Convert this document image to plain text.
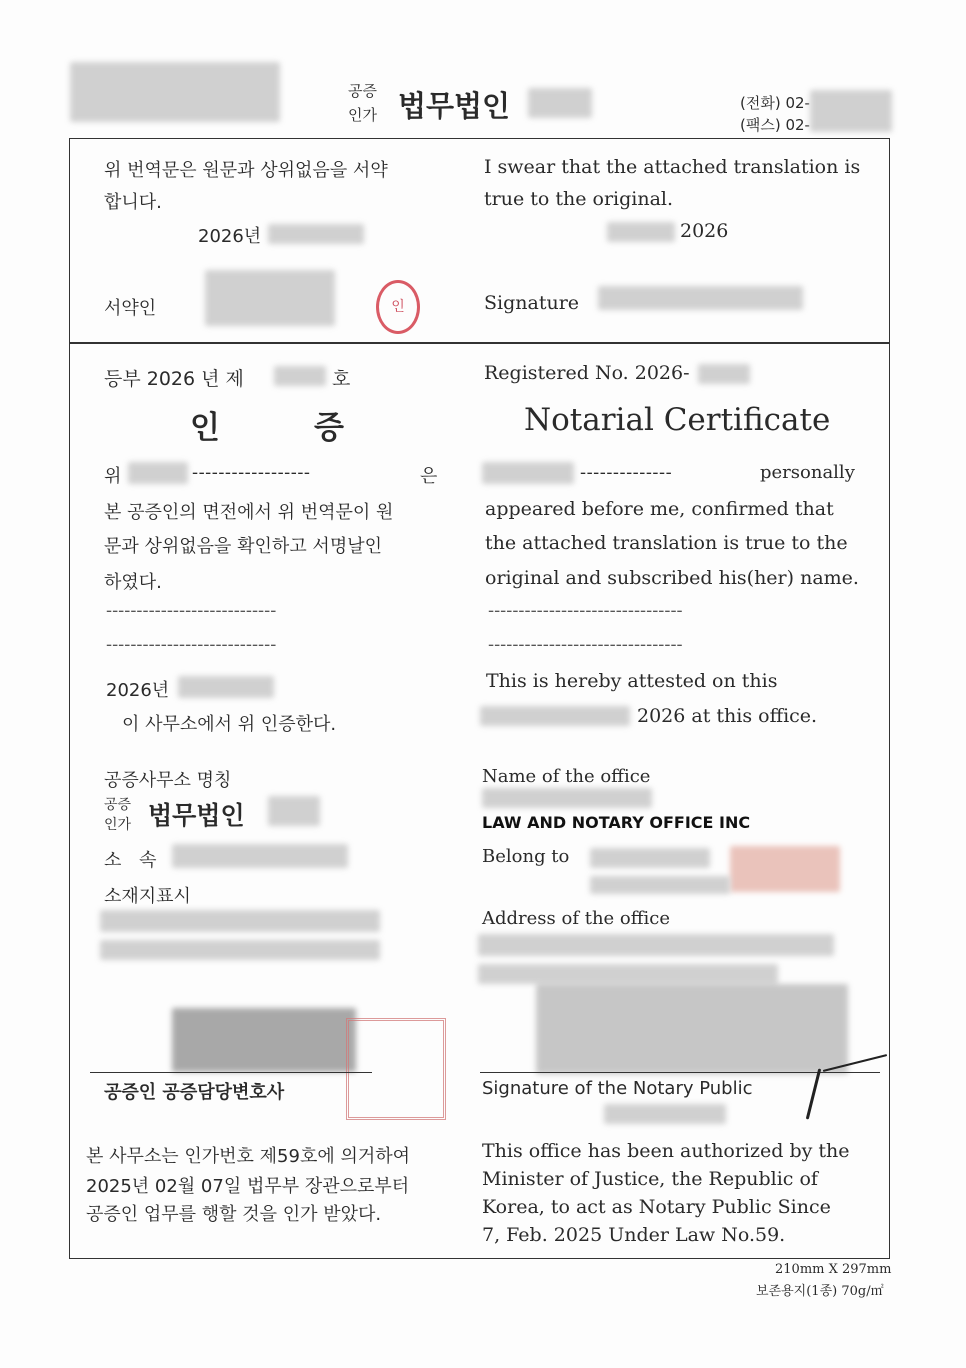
공증
인가 법무법인	(전화) 02-
(팩스) 02-
위 번역문은 원문과 상위없음을 서약
합니다.
2026년
I swear that the attached translation is
true to the original.
2026
서약인	인	Signature
등부 2026 년 제	호	Registered No. 2026-
인	증	Notarial Certificate
위	------------------	은
본 공증인의 면전에서 위 번역문이 원
문과 상위없음을 확인하고 서명날인
하였다.
----------------------------
----------------------------
--------------	personally
appeared before me, confirmed that
the attached translation is true to the
original and subscribed his(her) name.
--------------------------------
--------------------------------
2026년
이 사무소에서 위 인증한다.
This is hereby attested on this
2026 at this office.
공증사무소 명칭
공증
인가 법무법인
소 속
소재지표시
Name of the office
LAW AND NOTARY OFFICE INC
Belong to
Address of the office
공증인 공증담당변호사	Signature of the Notary Public
본 사무소는 인가번호 제59호에 의거하여
2025년 02월 07일 법무부 장관으로부터
공증인 업무를 행할 것을 인가 받았다.
This office has been authorized by the
Minister of Justice, the Republic of
Korea, to act as Notary Public Since
7, Feb. 2025 Under Law No.59.
210mm X 297mm
보존용지(1종) 70g/㎡
